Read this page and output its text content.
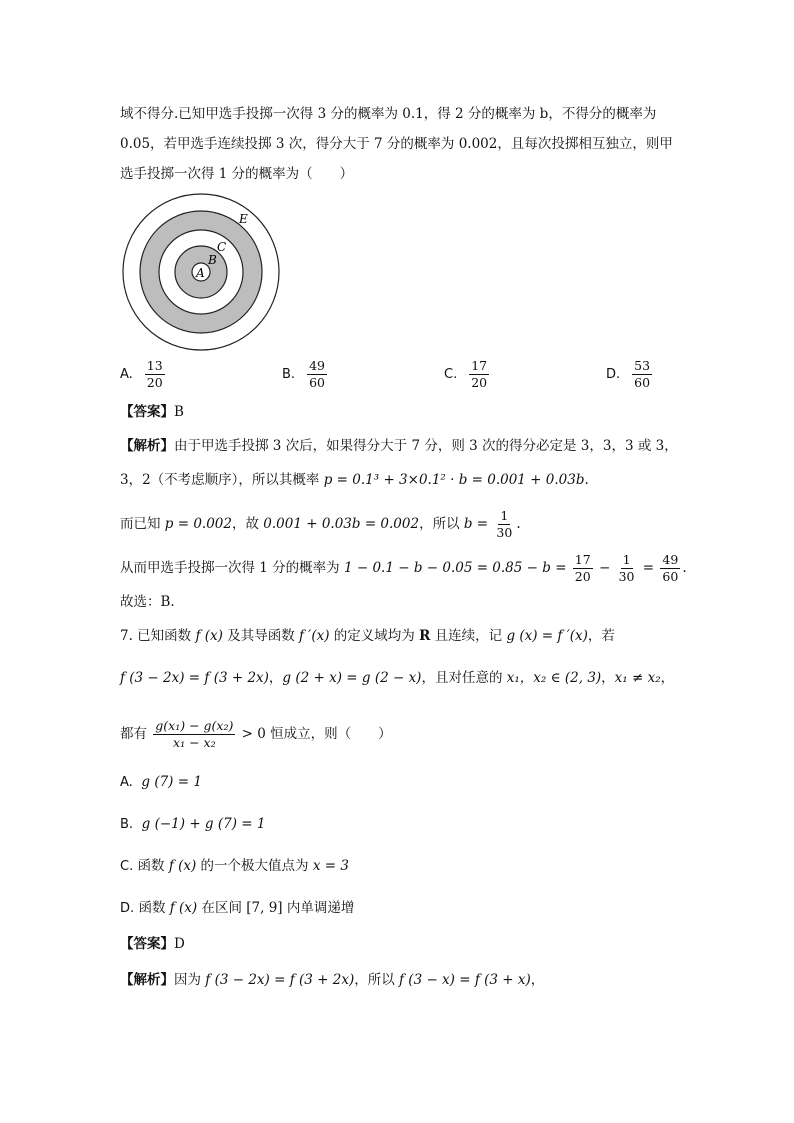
域不得分.已知甲选手投掷一次得 3 分的概率为 0.1，得 2 分的概率为 b，不得分的概率为
0.05，若甲选手连续投掷 3 次，得分大于 7 分的概率为 0.002，且每次投掷相互独立，则甲
选手投掷一次得 1 分的概率为（　　）
A
B
C
E
A. $\frac{13}{20}$	B. $\frac{49}{60}$	C. $\frac{17}{20}$	D. $\frac{53}{60}$
【答案】B
【解析】由于甲选手投掷 3 次后，如果得分大于 7 分，则 3 次的得分必定是 3，3，3 或 3，
3，2（不考虑顺序），所以其概率 p = 0.1³ + 3×0.1² · b = 0.001 + 0.03b.
而已知 p = 0.002，故 0.001 + 0.03b = 0.002，所以 $b = \frac{1}{30}$ .
从而甲选手投掷一次得 1 分的概率为 $1 - 0.1 - b - 0.05 = 0.85 - b = \frac{17}{20} - \frac{1}{30} = \frac{49}{60}$ .
故选：B.
7. 已知函数 f (x) 及其导函数 f ′(x) 的定义域均为 R 且连续，记 g (x) = f ′(x)，若
f (3 − 2x) = f (3 + 2x)，g (2 + x) = g (2 − x)，且对任意的 x₁，x₂ ∈ (2, 3)，x₁ ≠ x₂，
都有 $\frac{\text{g(x₁) − g(x₂)}}{\text{x₁ − x₂}} > 0$ 恒成立，则（　　）
A. g (7) = 1
B. g (−1) + g (7) = 1
C. 函数 f (x) 的一个极大值点为 x = 3
D. 函数 f (x) 在区间 [7, 9] 内单调递增
【答案】D
【解析】因为 f (3 − 2x) = f (3 + 2x)，所以 f (3 − x) = f (3 + x)，
